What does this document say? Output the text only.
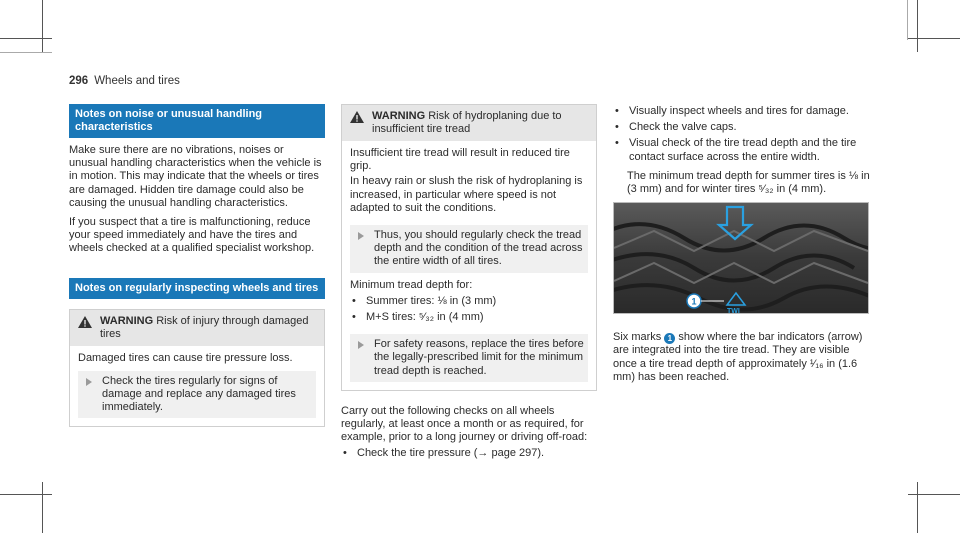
296 Wheels and tires
Notes on noise or unusual handling characteristics

Make sure there are no vibrations, noises or unusual handling characteristics when the vehicle is in motion. This may indicate that the wheels or tires are damaged. Hidden tire damage could also be causing the unusual handling characteristics.

If you suspect that a tire is malfunctioning, reduce your speed immediately and have the tires and wheels checked at a qualified specialist workshop.

Notes on regularly inspecting wheels and tires
WARNING Risk of injury through damaged tires

Damaged tires can cause tire pressure loss.

Check the tires regularly for signs of damage and replace any damaged tires immediately.

WARNING Risk of hydroplaning due to insufficient tire tread

Insufficient tire tread will result in reduced tire grip.

In heavy rain or slush the risk of hydroplaning is increased, in particular where speed is not adapted to suit the conditions.

Thus, you should regularly check the tread depth and the condition of the tread across the entire width of all tires.

Minimum tread depth for:

• Summer tires: ⅛ in (3 mm)
• M+S tires: ⁵⁄₃₂ in (4 mm)

For safety reasons, replace the tires before the legally-prescribed limit for the minimum tread depth is reached.

Carry out the following checks on all wheels regularly, at least once a month or as required, for example, prior to a long journey or driving off-road:

• Check the tire pressure (→ page 297).
• Visually inspect wheels and tires for damage.
• Check the valve caps.
• Visual check of the tire tread depth and the tire contact surface across the entire width.

The minimum tread depth for summer tires is ⅛ in (3 mm) and for winter tires ⁵⁄₃₂ in (4 mm).

TWI
1

Six marks 1 show where the bar indicators (arrow) are integrated into the tire tread. They are visible once a tire tread depth of approximately ¹⁄₁₆ in (1.6 mm) has been reached.
